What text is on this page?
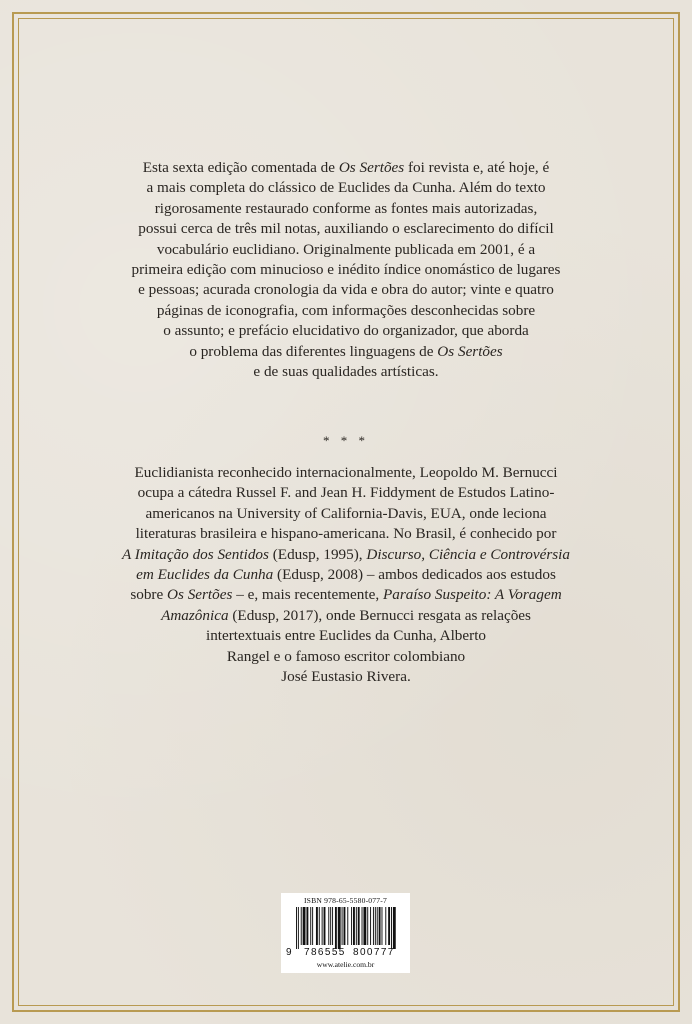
Esta sexta edição comentada de Os Sertões foi revista e, até hoje, é
a mais completa do clássico de Euclides da Cunha. Além do texto
rigorosamente restaurado conforme as fontes mais autorizadas,
possui cerca de três mil notas, auxiliando o esclarecimento do difícil
vocabulário euclidiano. Originalmente publicada em 2001, é a
primeira edição com minucioso e inédito índice onomástico de lugares
e pessoas; acurada cronologia da vida e obra do autor; vinte e quatro
páginas de iconografia, com informações desconhecidas sobre
o assunto; e prefácio elucidativo do organizador, que aborda
o problema das diferentes linguagens de Os Sertões
e de suas qualidades artísticas.
* * *
Euclidianista reconhecido internacionalmente, Leopoldo M. Bernucci
ocupa a cátedra Russel F. and Jean H. Fiddyment de Estudos Latino-
americanos na University of California-Davis, EUA, onde leciona
literaturas brasileira e hispano-americana. No Brasil, é conhecido por
A Imitação dos Sentidos (Edusp, 1995), Discurso, Ciência e Controvérsia
em Euclides da Cunha (Edusp, 2008) – ambos dedicados aos estudos
sobre Os Sertões – e, mais recentemente, Paraíso Suspeito: A Voragem
Amazônica (Edusp, 2017), onde Bernucci resgata as relações
intertextuais entre Euclides da Cunha, Alberto
Rangel e o famoso escritor colombiano
José Eustasio Rivera.
ISBN 978-65-5580-077-7
9 786555 800777
www.atelie.com.br
